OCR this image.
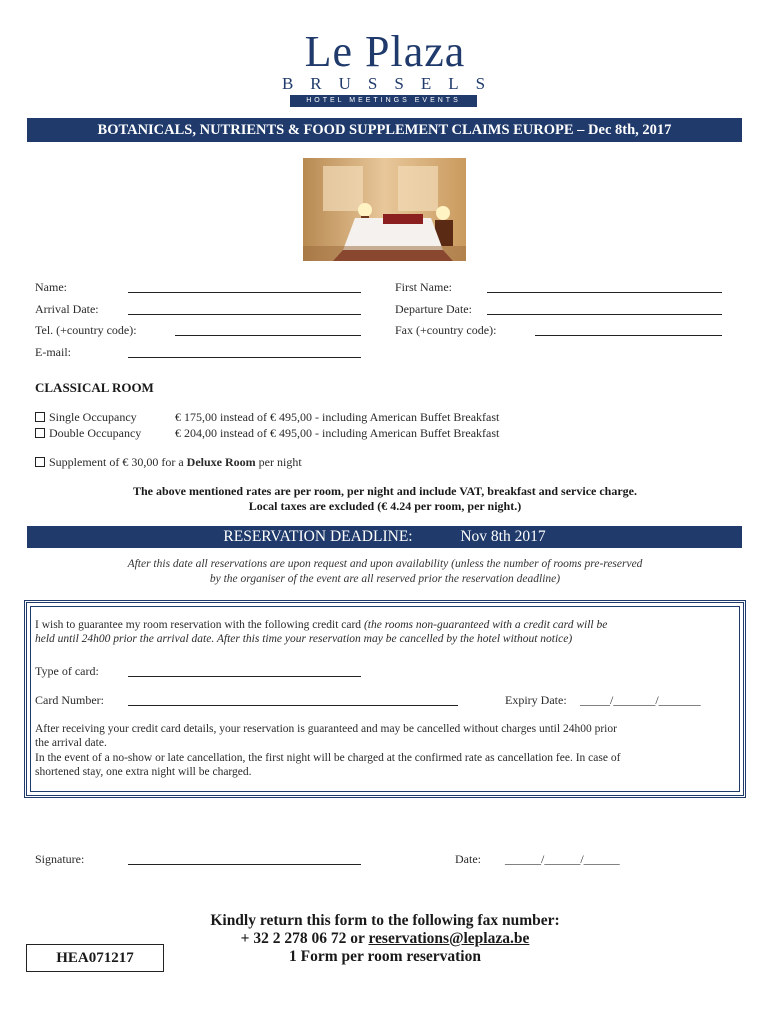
Le Plaza
BRUSSELS
HOTEL MEETINGS EVENTS
BOTANICALS, NUTRIENTS & FOOD SUPPLEMENT CLAIMS EUROPE – Dec 8th, 2017
Name:	First Name:
Arrival Date:	Departure Date:
Tel. (+country code):	Fax (+country code):
E-mail:
CLASSICAL ROOM
Single Occupancy	€ 175,00 instead of € 495,00 - including American Buffet Breakfast
Double Occupancy	€ 204,00 instead of € 495,00 - including American Buffet Breakfast
Supplement of € 30,00 for a Deluxe Room per night
The above mentioned rates are per room, per night and include VAT, breakfast and service charge.
Local taxes are excluded (€ 4.24 per room, per night.)
RESERVATION DEADLINE:	Nov 8th 2017
After this date all reservations are upon request and upon availability (unless the number of rooms pre-reserved
by the organiser of the event are all reserved prior the reservation deadline)
I wish to guarantee my room reservation with the following credit card (the rooms non-guaranteed with a credit card will be
held until 24h00 prior the arrival date. After this time your reservation may be cancelled by the hotel without notice)
Type of card:
Card Number:	Expiry Date: _____/_______/_______
After receiving your credit card details, your reservation is guaranteed and may be cancelled without charges until 24h00 prior
the arrival date.
In the event of a no-show or late cancellation, the first night will be charged at the confirmed rate as cancellation fee. In case of
shortened stay, one extra night will be charged.
Signature:	Date: ______/______/______
Kindly return this form to the following fax number:
+ 32 2 278 06 72 or reservations@leplaza.be
1 Form per room reservation
HEA071217
